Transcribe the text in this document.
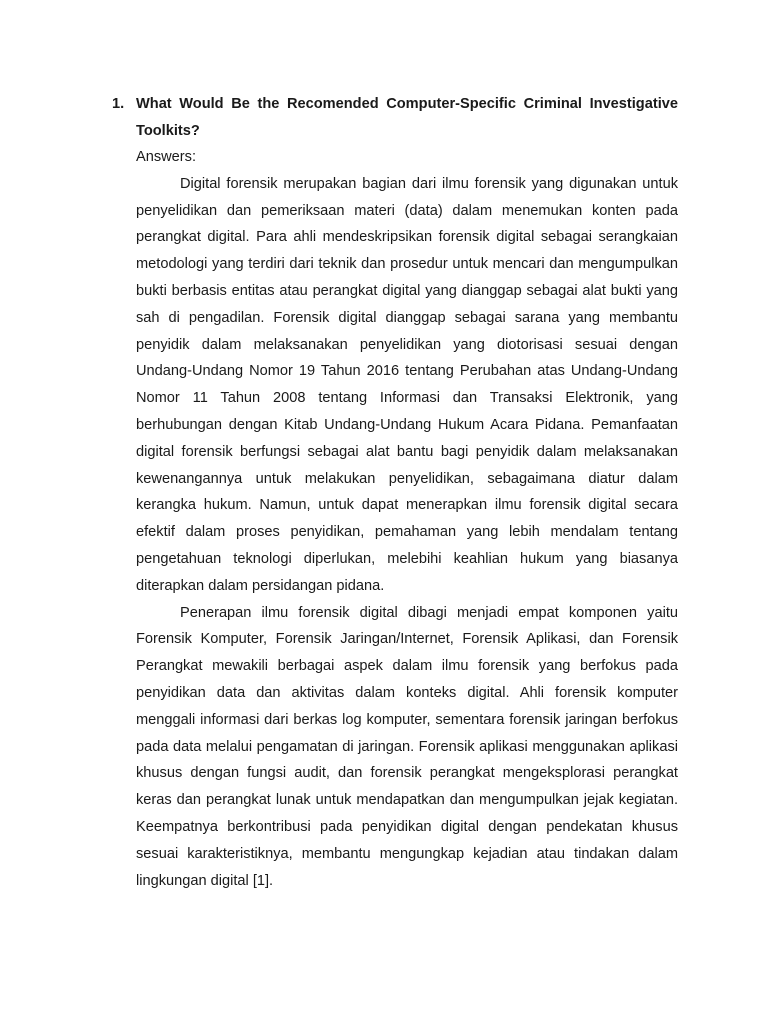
1. What Would Be the Recomended Computer-Specific Criminal Investigative Toolkits?

Answers:

Digital forensik merupakan bagian dari ilmu forensik yang digunakan untuk penyelidikan dan pemeriksaan materi (data) dalam menemukan konten pada perangkat digital. Para ahli mendeskripsikan forensik digital sebagai serangkaian metodologi yang terdiri dari teknik dan prosedur untuk mencari dan mengumpulkan bukti berbasis entitas atau perangkat digital yang dianggap sebagai alat bukti yang sah di pengadilan. Forensik digital dianggap sebagai sarana yang membantu penyidik dalam melaksanakan penyelidikan yang diotorisasi sesuai dengan Undang-Undang Nomor 19 Tahun 2016 tentang Perubahan atas Undang-Undang Nomor 11 Tahun 2008 tentang Informasi dan Transaksi Elektronik, yang berhubungan dengan Kitab Undang-Undang Hukum Acara Pidana. Pemanfaatan digital forensik berfungsi sebagai alat bantu bagi penyidik dalam melaksanakan kewenangannya untuk melakukan penyelidikan, sebagaimana diatur dalam kerangka hukum. Namun, untuk dapat menerapkan ilmu forensik digital secara efektif dalam proses penyidikan, pemahaman yang lebih mendalam tentang pengetahuan teknologi diperlukan, melebihi keahlian hukum yang biasanya diterapkan dalam persidangan pidana.

Penerapan ilmu forensik digital dibagi menjadi empat komponen yaitu Forensik Komputer, Forensik Jaringan/Internet, Forensik Aplikasi, dan Forensik Perangkat mewakili berbagai aspek dalam ilmu forensik yang berfokus pada penyidikan data dan aktivitas dalam konteks digital. Ahli forensik komputer menggali informasi dari berkas log komputer, sementara forensik jaringan berfokus pada data melalui pengamatan di jaringan. Forensik aplikasi menggunakan aplikasi khusus dengan fungsi audit, dan forensik perangkat mengeksplorasi perangkat keras dan perangkat lunak untuk mendapatkan dan mengumpulkan jejak kegiatan. Keempatnya berkontribusi pada penyidikan digital dengan pendekatan khusus sesuai karakteristiknya, membantu mengungkap kejadian atau tindakan dalam lingkungan digital [1].
